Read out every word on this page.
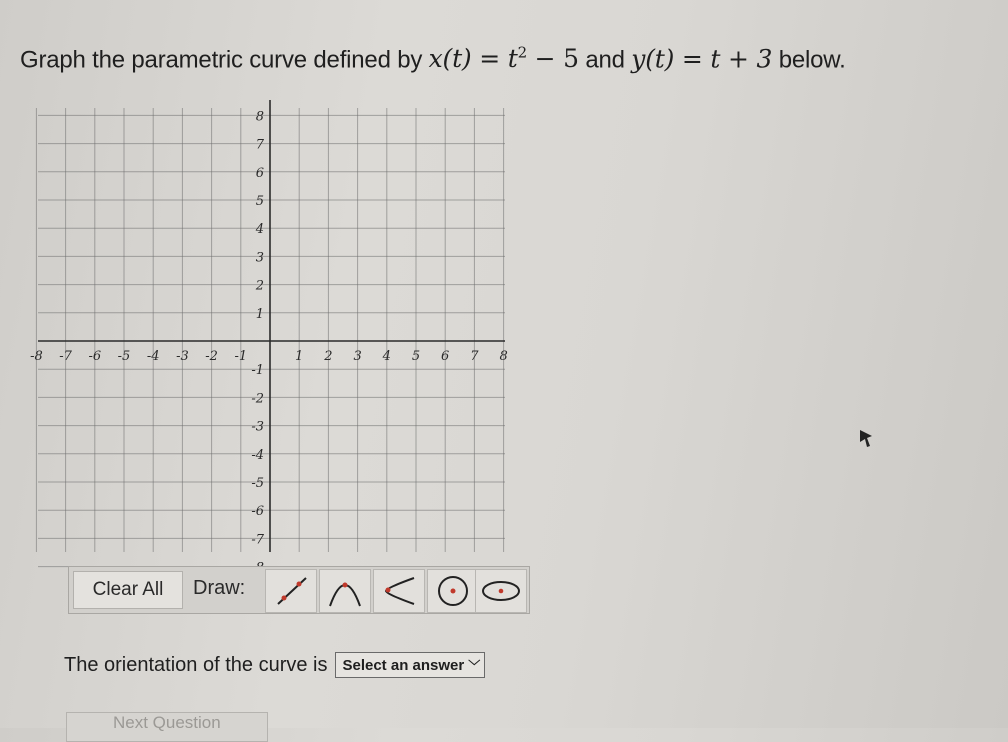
Graph the parametric curve defined by $x(t) = t^2 - 5$ and y(t) = t + 3 below.
-8 -7 -6 -5 -4 -3 -2 -1	1 2 3 4 5 6 7 8
8
7
6
5
4
3
2
1
-1
-2
-3
-4
-5
-6
-7
Clear All	Draw:
The orientation of the curve is Select an answer ﹀
Next Question
